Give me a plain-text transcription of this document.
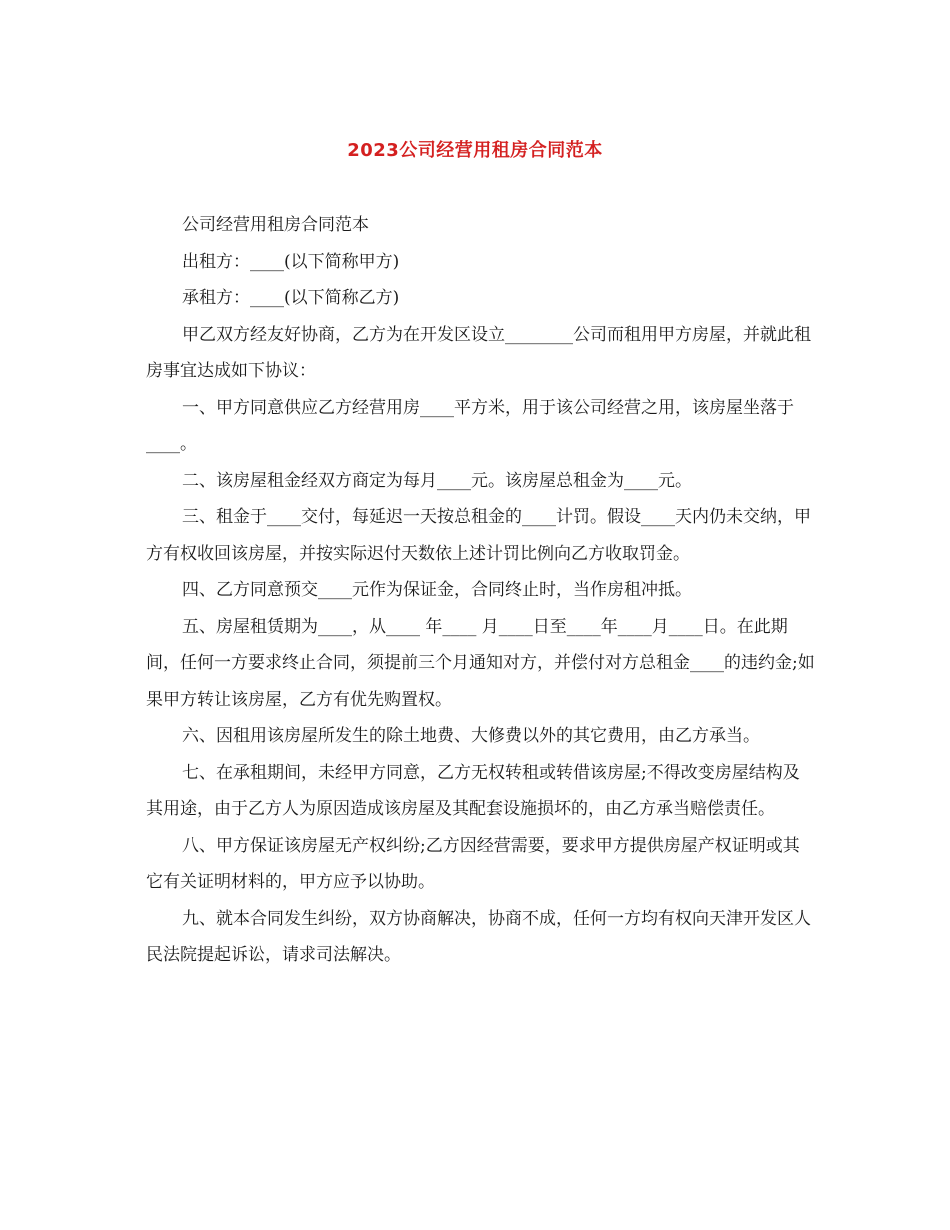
2023公司经营用租房合同范本

公司经营用租房合同范本

出租方：____(以下简称甲方)

承租方：____(以下简称乙方)

甲乙双方经友好协商，乙方为在开发区设立________公司而租用甲方房屋，并就此租房事宜达成如下协议：

一、甲方同意供应乙方经营用房____平方米，用于该公司经营之用，该房屋坐落于____。

二、该房屋租金经双方商定为每月____元。该房屋总租金为____元。

三、租金于____交付，每延迟一天按总租金的____计罚。假设____天内仍未交纳，甲方有权收回该房屋，并按实际迟付天数依上述计罚比例向乙方收取罚金。

四、乙方同意预交____元作为保证金，合同终止时，当作房租冲抵。

五、房屋租赁期为____，从____ 年____ 月____日至____年____月____日。在此期间，任何一方要求终止合同，须提前三个月通知对方，并偿付对方总租金____的违约金;如果甲方转让该房屋，乙方有优先购置权。

六、因租用该房屋所发生的除土地费、大修费以外的其它费用，由乙方承当。

七、在承租期间，未经甲方同意，乙方无权转租或转借该房屋;不得改变房屋结构及其用途，由于乙方人为原因造成该房屋及其配套设施损坏的，由乙方承当赔偿责任。

八、甲方保证该房屋无产权纠纷;乙方因经营需要，要求甲方提供房屋产权证明或其它有关证明材料的，甲方应予以协助。

九、就本合同发生纠纷，双方协商解决，协商不成，任何一方均有权向天津开发区人民法院提起诉讼，请求司法解决。
